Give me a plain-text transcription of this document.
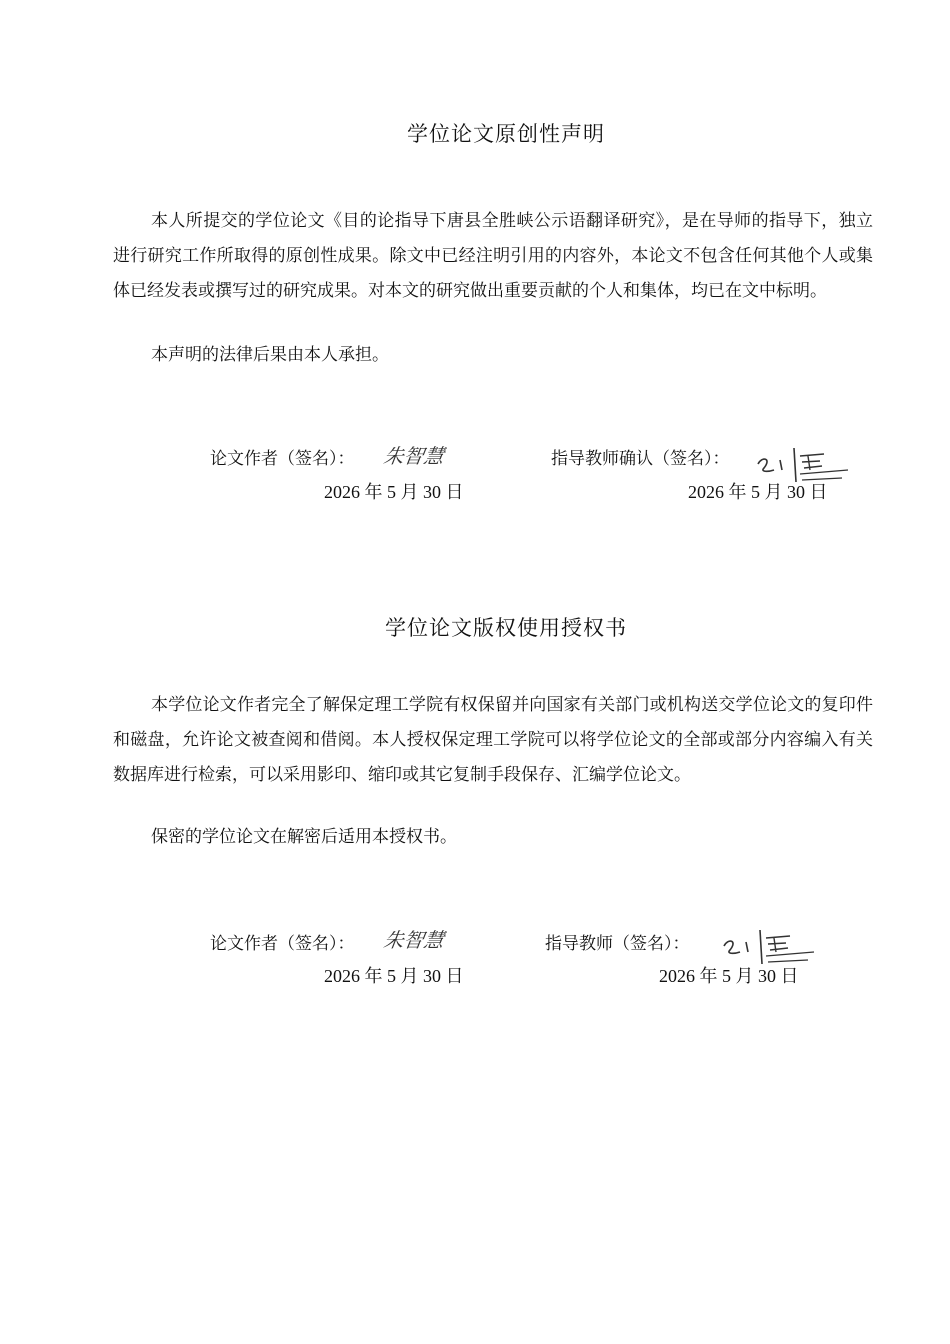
学位论文原创性声明

本人所提交的学位论文《目的论指导下唐县全胜峡公示语翻译研究》，是在导师的指导下，独立进行研究工作所取得的原创性成果。除文中已经注明引用的内容外，本论文不包含任何其他个人或集体已经发表或撰写过的研究成果。对本文的研究做出重要贡献的个人和集体，均已在文中标明。

本声明的法律后果由本人承担。

论文作者（签名）： 朱智慧
2026 年 5 月 30 日
指导教师确认（签名）：
2026 年 5 月 30 日
学位论文版权使用授权书

本学位论文作者完全了解保定理工学院有权保留并向国家有关部门或机构送交学位论文的复印件和磁盘，允许论文被查阅和借阅。本人授权保定理工学院可以将学位论文的全部或部分内容编入有关数据库进行检索，可以采用影印、缩印或其它复制手段保存、汇编学位论文。

保密的学位论文在解密后适用本授权书。

论文作者（签名）： 朱智慧
2026 年 5 月 30 日
指导教师（签名）：
2026 年 5 月 30 日
